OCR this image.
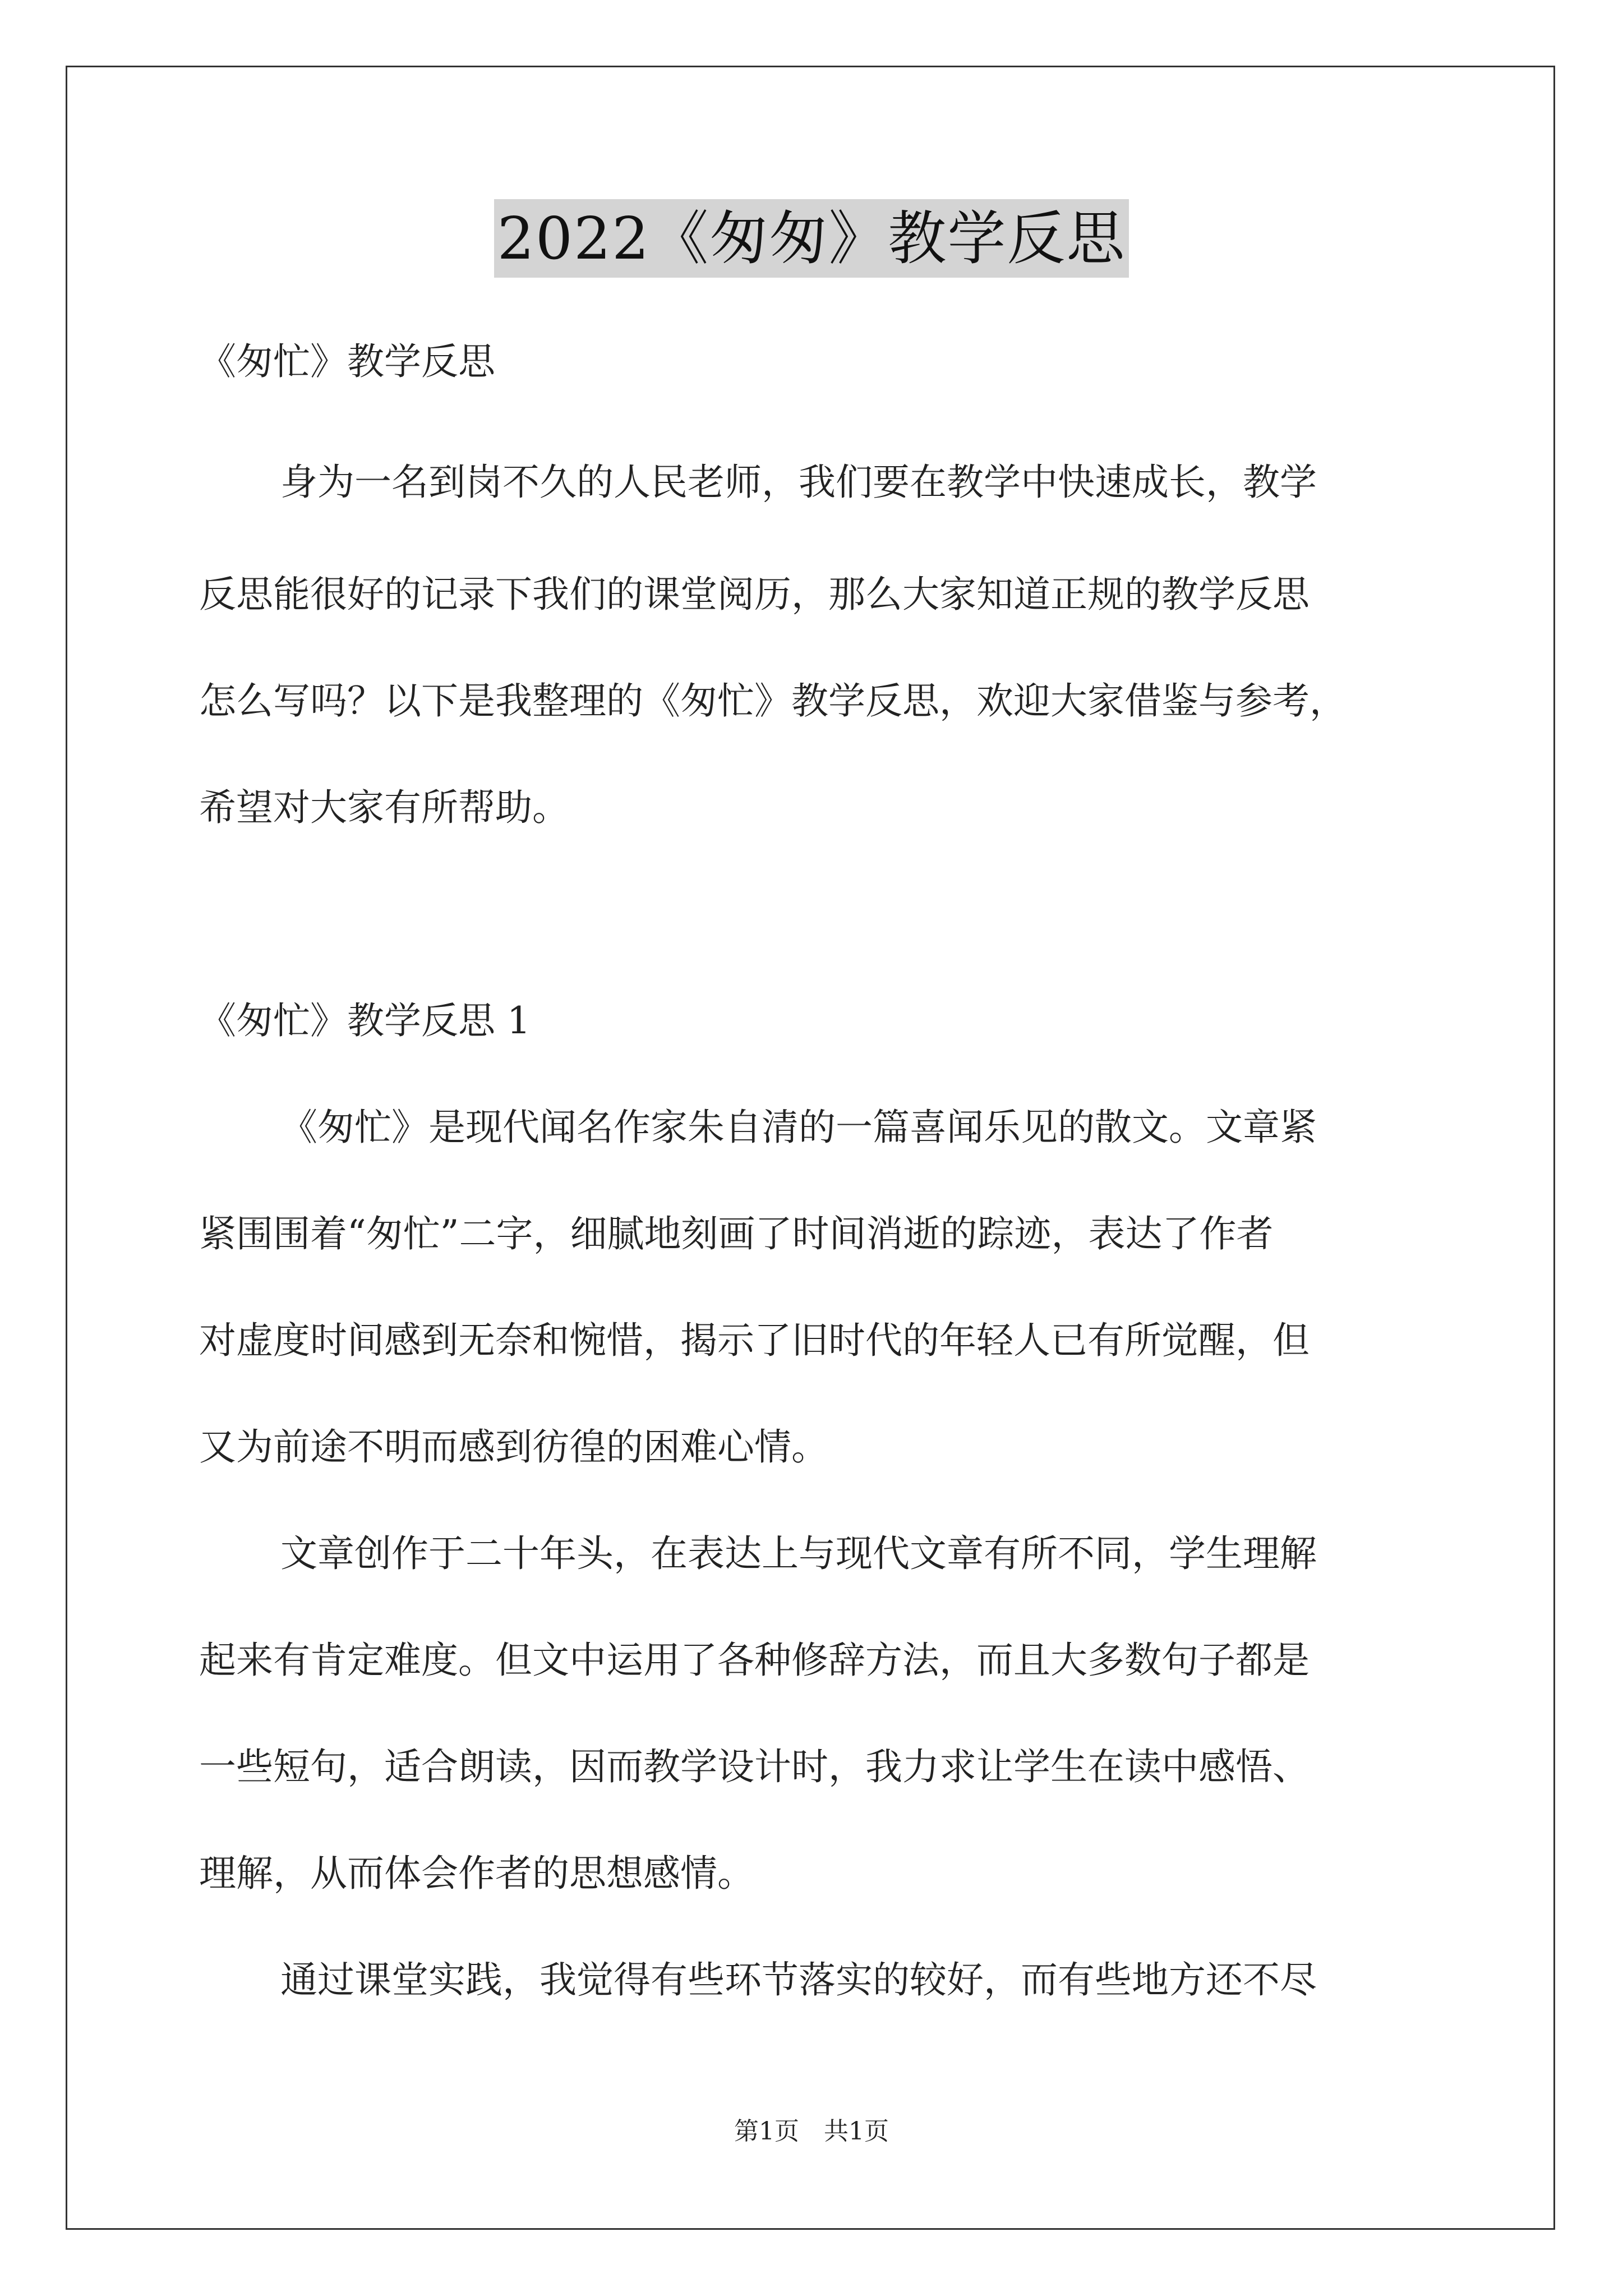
2022《匆匆》教学反思
《匆忙》教学反思
身为一名到岗不久的人民老师，我们要在教学中快速成长，教学
反思能很好的记录下我们的课堂阅历，那么大家知道正规的教学反思
怎么写吗？以下是我整理的《匆忙》教学反思，欢迎大家借鉴与参考，
希望对大家有所帮助。
《匆忙》教学反思 1
《匆忙》是现代闻名作家朱自清的一篇喜闻乐见的散文。文章紧
紧围围着“匆忙”二字，细腻地刻画了时间消逝的踪迹，表达了作者
对虚度时间感到无奈和惋惜，揭示了旧时代的年轻人已有所觉醒，但
又为前途不明而感到彷徨的困难心情。
文章创作于二十年头，在表达上与现代文章有所不同，学生理解
起来有肯定难度。但文中运用了各种修辞方法，而且大多数句子都是
一些短句，适合朗读，因而教学设计时，我力求让学生在读中感悟、
理解，从而体会作者的思想感情。
通过课堂实践，我觉得有些环节落实的较好，而有些地方还不尽
第1页　共1页
